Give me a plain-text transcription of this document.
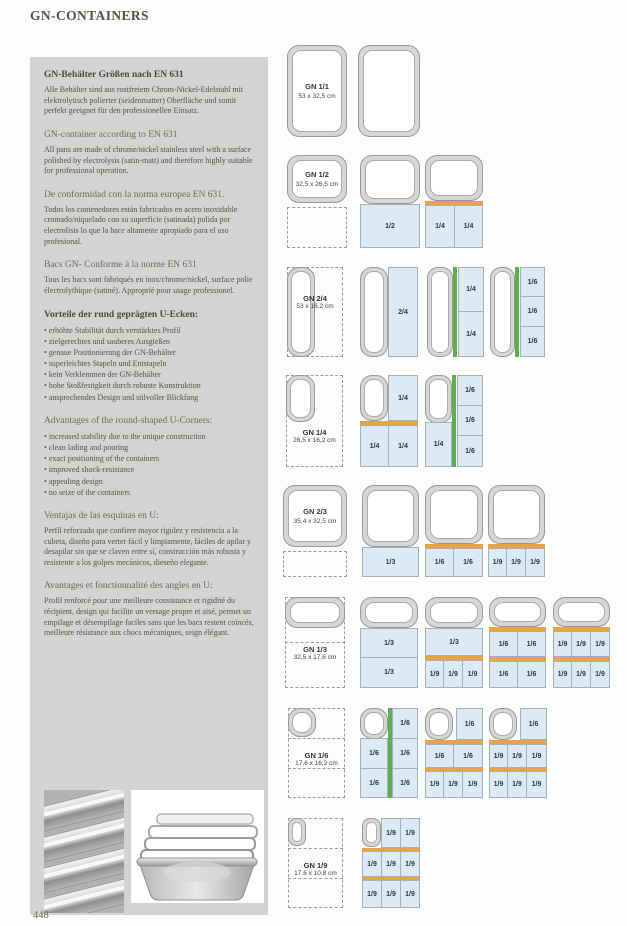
GN-CONTAINERS
GN-Behälter Größen nach EN 631

Alle Behälter sind aus rostfreiem Chrom-Nickel-Edelstahl mit elektrolytisch polierter (seidenmatter) Oberfläche und somit perfekt geeignet für den professionellen Einsatz.

GN-container according to EN 631

All pans are made of chrome/nickel stainless steel with a surface polished by electrolysis (satin-matt) and therefore highly suitable for professional operation.

De conformidad con la norma europea EN 631.

Todos los contenedores están fabricados en acero inoxidable cromado/niquelado con su superficie (satinada) pulida por electrolisis lo que la hace altamente apropiado para el uso profesional.

Bacs GN- Conforme à la norme EN 631

Tous les bacs sont fabriqués en inox/chrome/nickel, surface polie électrolythique (satiné). Approprié pour usage professionel.

Vorteile der rund geprägten U-Ecken:
• erhöhte Stabilität durch verstärktes Profil
• zielgerechtes und sauberes Ausgießen
• genaue Positionierung der GN-Behälter
• superleichtes Stapeln und Entstapeln
• kein Verklemmen der GN-Behälter
• hohe Stoßfestigkeit durch robuste Konstruktion
• ansprechendes Design und stilvoller Blickfang
Advantages of the round-shaped U-Corners:
• increased stability due to the unique construction
• clean lading and pouring
• exact positioning of the containers
• improved shock-resistance
• appealing design
• no seize of the containers
Ventajas de las esquinas en U:

Perfil reforzado que confiere mayor rigidez y resistencia a la cubeta, diseño para verter fácil y limpiamente, fáciles de apilar y desapilar sin que se claven entre sí, construcción más robusta y resistente a los golpes mecánicos, dieseño elegante.

Avantages et fonctionnalité des angles en U:

Profil renforcé pour une meilleure consistance et rigidité du récipient, design qui facilite un versage propre et aisé, permet un empilage et désempilage faciles sans que les bacs restent coincés, meilleure résistance aux chocs mécaniques, seign élégant.

GN 1/1
53 x 32,5 cm
GN 1/2
32,5 x 26,5 cm
1/2	1/4	1/4
GN 2/4
53 x 16,2 cm
2/4
1/4
1/4
1/6
1/6
1/6
GN 1/4
26,5 x 16,2 cm
1/4
1/4	1/4	1/4
1/6
1/6
1/6
GN 2/3
35,4 x 32,5 cm
1/3	1/6	1/6	1/9	1/9	1/9
GN 1/3
32,5 x 17,6 cm
1/3
1/3
1/3
1/9	1/9	1/9
1/6	1/6
1/6	1/6
1/9	1/9	1/9
1/9	1/9	1/9
GN 1/6
17,6 x 16,2 cm
1/6
1/6
1/6
1/6
1/6
1/6
1/6	1/6
1/9	1/9	1/9
1/6
1/9	1/9	1/9
1/9	1/9	1/9
GN 1/9
17,6 x 10,8 cm
1/9	1/9
1/9	1/9	1/9
1/9	1/9	1/9
448
